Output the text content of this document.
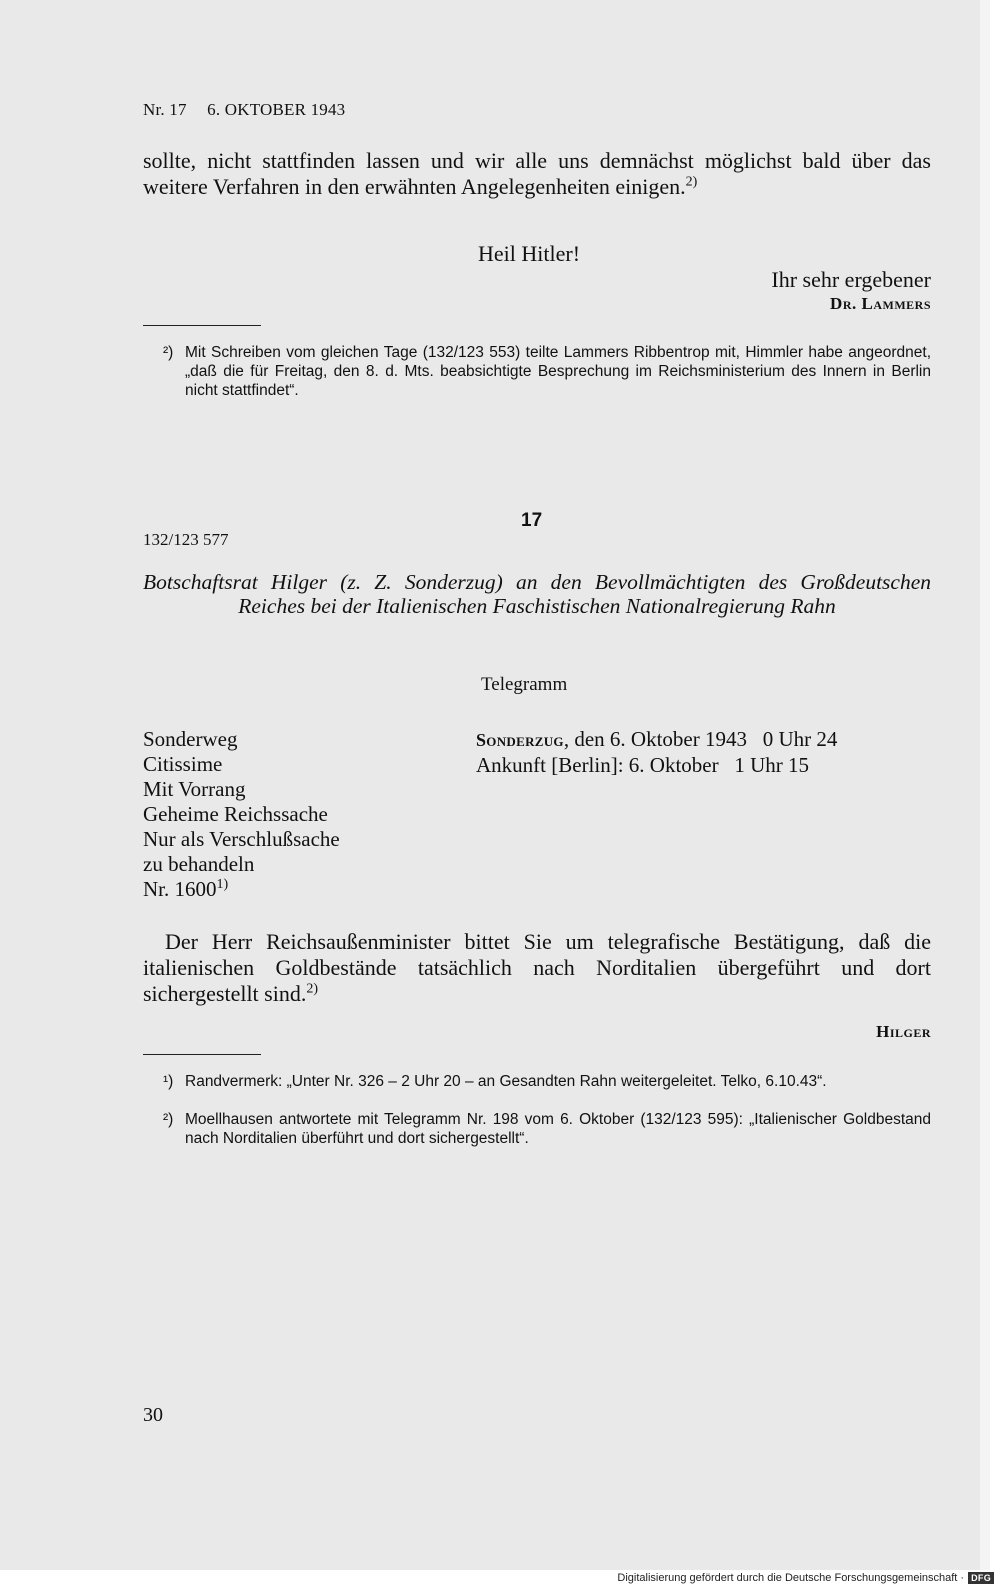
Nr. 17 6. OKTOBER 1943
sollte, nicht stattfinden lassen und wir alle uns demnächst möglichst bald über das weitere Verfahren in den erwähnten Angelegenheiten einigen.$^{2)}$
Heil Hitler!
Ihr sehr ergebener
Dr. Lammers
²) Mit Schreiben vom gleichen Tage (132/123 553) teilte Lammers Ribbentrop mit, Himmler habe angeordnet, „daß die für Freitag, den 8. d. Mts. beabsichtigte Besprechung im Reichsministerium des Innern in Berlin nicht stattfindet“.
17
132/123 577
Botschaftsrat Hilger (z. Z. Sonderzug) an den Bevollmächtigten des Großdeutschen Reiches bei der Italienischen Faschistischen Nationalregierung Rahn
Telegramm
Sonderweg
Citissime
Mit Vorrang
Geheime Reichssache
Nur als Verschlußsache
zu behandeln
Nr. 1600$^{1)}$
Sonderzug, den 6. Oktober 1943   0 Uhr 24
Ankunft [Berlin]: 6. Oktober   1 Uhr 15
Der Herr Reichsaußenminister bittet Sie um telegrafische Bestätigung, daß die italienischen Goldbestände tatsächlich nach Norditalien übergeführt und dort sichergestellt sind.$^{2)}$
Hilger
¹) Randvermerk: „Unter Nr. 326 – 2 Uhr 20 – an Gesandten Rahn weitergeleitet. Telko, 6.10.43“.
²) Moellhausen antwortete mit Telegramm Nr. 198 vom 6. Oktober (132/123 595): „Italienischer Goldbestand nach Norditalien überführt und dort sichergestellt“.
30
Digitalisierung gefördert durch die Deutsche Forschungsgemeinschaft · DFG
